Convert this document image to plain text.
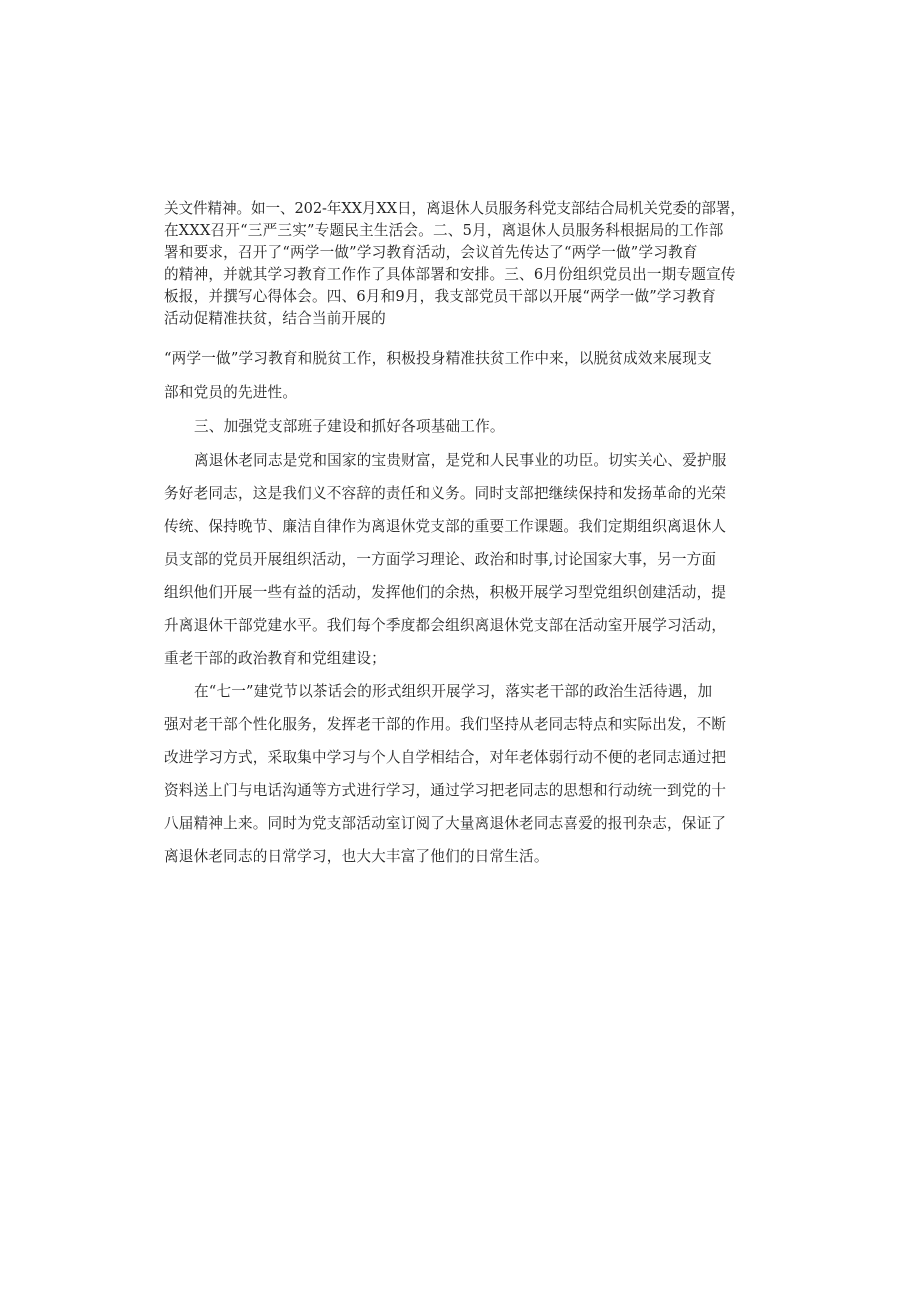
关文件精神。如一、202-年XX月XX日，离退休人员服务科党支部结合局机关党委的部署，
在XXX召开“三严三实”专题民主生活会。二、5月，离退休人员服务科根据局的工作部
署和要求，召开了“两学一做”学习教育活动，会议首先传达了“两学一做”学习教育
的精神，并就其学习教育工作作了具体部署和安排。三、6月份组织党员出一期专题宣传
板报，并撰写心得体会。四、6月和9月，我支部党员干部以开展“两学一做”学习教育
活动促精准扶贫，结合当前开展的
“两学一做”学习教育和脱贫工作，积极投身精准扶贫工作中来，以脱贫成效来展现支
部和党员的先进性。
三、加强党支部班子建设和抓好各项基础工作。
离退休老同志是党和国家的宝贵财富，是党和人民事业的功臣。切实关心、爱护服
务好老同志，这是我们义不容辞的责任和义务。同时支部把继续保持和发扬革命的光荣
传统、保持晚节、廉洁自律作为离退休党支部的重要工作课题。我们定期组织离退休人
员支部的党员开展组织活动，一方面学习理论、政治和时事,讨论国家大事，另一方面
组织他们开展一些有益的活动，发挥他们的余热，积极开展学习型党组织创建活动，提
升离退休干部党建水平。我们每个季度都会组织离退休党支部在活动室开展学习活动，
重老干部的政治教育和党组建设；
在“七一”建党节以茶话会的形式组织开展学习，落实老干部的政治生活待遇，加
强对老干部个性化服务，发挥老干部的作用。我们坚持从老同志特点和实际出发，不断
改进学习方式，采取集中学习与个人自学相结合，对年老体弱行动不便的老同志通过把
资料送上门与电话沟通等方式进行学习，通过学习把老同志的思想和行动统一到党的十
八届精神上来。同时为党支部活动室订阅了大量离退休老同志喜爱的报刊杂志，保证了
离退休老同志的日常学习，也大大丰富了他们的日常生活。
